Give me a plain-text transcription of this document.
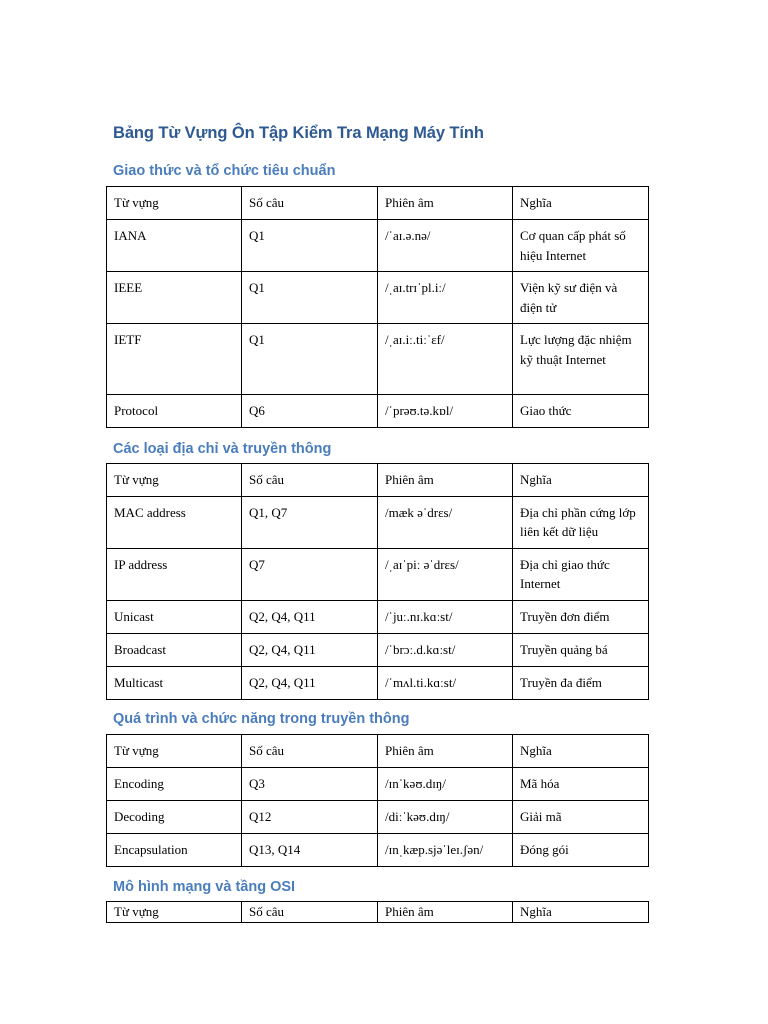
Bảng Từ Vựng Ôn Tập Kiểm Tra Mạng Máy Tính
Giao thức và tổ chức tiêu chuẩn
Từ vựng	Số câu	Phiên âm	Nghĩa
IANA	Q1	/ˈaɪ.ə.nə/	Cơ quan cấp phát số hiệu Internet
IEEE	Q1	/ˌaɪ.trɪˈpl.iː/	Viện kỹ sư điện và điện tử
IETF	Q1	/ˌaɪ.iː.tiːˈɛf/	Lực lượng đặc nhiệm kỹ thuật Internet
Protocol	Q6	/ˈprəʊ.tə.kɒl/	Giao thức
Các loại địa chỉ và truyền thông
Từ vựng	Số câu	Phiên âm	Nghĩa
MAC address	Q1, Q7	/mæk əˈdrɛs/	Địa chỉ phần cứng lớp liên kết dữ liệu
IP address	Q7	/ˌaɪˈpiː əˈdrɛs/	Địa chỉ giao thức Internet
Unicast	Q2, Q4, Q11	/ˈjuː.nɪ.kɑːst/	Truyền đơn điểm
Broadcast	Q2, Q4, Q11	/ˈbrɔː.d.kɑːst/	Truyền quảng bá
Multicast	Q2, Q4, Q11	/ˈmʌl.ti.kɑːst/	Truyền đa điểm
Quá trình và chức năng trong truyền thông
Từ vựng	Số câu	Phiên âm	Nghĩa
Encoding	Q3	/ɪnˈkəʊ.dɪŋ/	Mã hóa
Decoding	Q12	/diːˈkəʊ.dɪŋ/	Giải mã
Encapsulation	Q13, Q14	/ɪnˌkæp.sjəˈleɪ.ʃən/	Đóng gói
Mô hình mạng và tầng OSI
Từ vựng	Số câu	Phiên âm	Nghĩa
